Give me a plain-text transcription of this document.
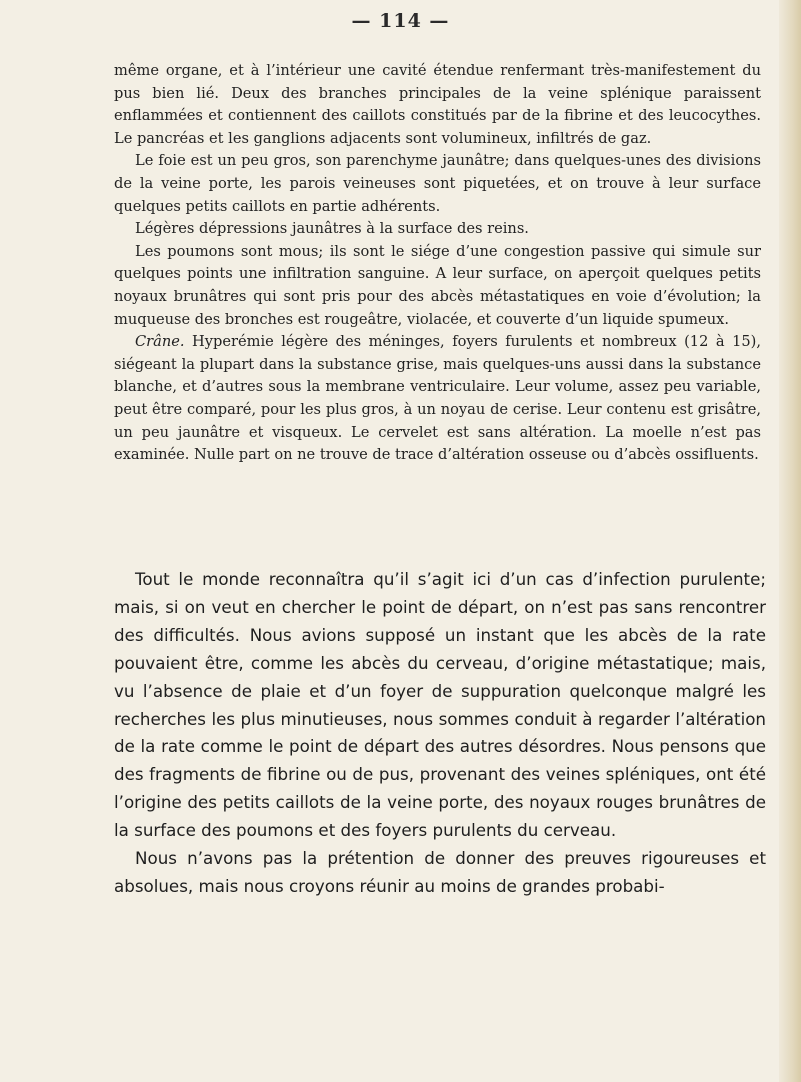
— 114 —

même organe, et à l’intérieur une cavité étendue renfermant très-manifestement du pus bien lié. Deux des branches principales de la veine splénique paraissent enflammées et contiennent des caillots constitués par de la fibrine et des leucocythes. Le pancréas et les ganglions adjacents sont volumineux, infiltrés de gaz.

Le foie est un peu gros, son parenchyme jaunâtre; dans quelques-unes des divisions de la veine porte, les parois veineuses sont piquetées, et on trouve à leur surface quelques petits caillots en partie adhérents.

Légères dépressions jaunâtres à la surface des reins.

Les poumons sont mous; ils sont le siége d’une congestion passive qui simule sur quelques points une infiltration sanguine. A leur surface, on aperçoit quelques petits noyaux brunâtres qui sont pris pour des abcès métastatiques en voie d’évolution; la muqueuse des bronches est rougeâtre, violacée, et couverte d’un liquide spumeux.

Crâne. Hyperémie légère des méninges, foyers furulents et nombreux (12 à 15), siégeant la plupart dans la substance grise, mais quelques-uns aussi dans la substance blanche, et d’autres sous la membrane ventriculaire. Leur volume, assez peu variable, peut être comparé, pour les plus gros, à un noyau de cerise. Leur contenu est grisâtre, un peu jaunâtre et visqueux. Le cervelet est sans altération. La moelle n’est pas examinée. Nulle part on ne trouve de trace d’altération osseuse ou d’abcès ossifluents.

Tout le monde reconnaîtra qu’il s’agit ici d’un cas d’infection purulente; mais, si on veut en chercher le point de départ, on n’est pas sans rencontrer des difficultés. Nous avions supposé un instant que les abcès de la rate pouvaient être, comme les abcès du cerveau, d’origine métastatique; mais, vu l’absence de plaie et d’un foyer de suppuration quelconque malgré les recherches les plus minutieuses, nous sommes conduit à regarder l’altération de la rate comme le point de départ des autres désordres. Nous pensons que des fragments de fibrine ou de pus, provenant des veines spléniques, ont été l’origine des petits caillots de la veine porte, des noyaux rouges brunâtres de la surface des poumons et des foyers purulents du cerveau.

Nous n’avons pas la prétention de donner des preuves rigoureuses et absolues, mais nous croyons réunir au moins de grandes probabi-
